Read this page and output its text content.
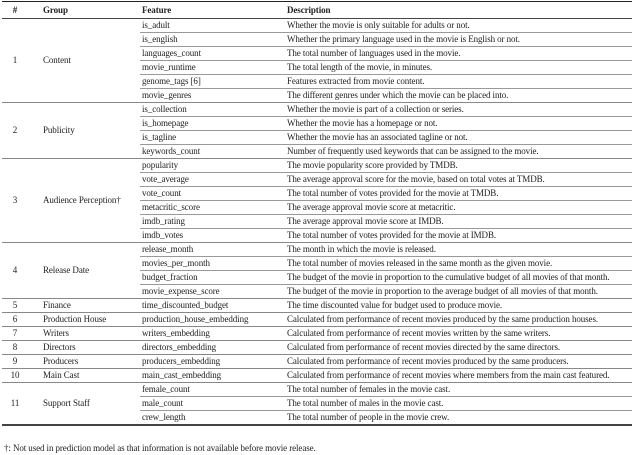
#	Group	Feature	Description
1	Content	is_adult	Whether the movie is only suitable for adults or not.
		is_english	Whether the primary language used in the movie is English or not.
		languages_count	The total number of languages used in the movie.
		movie_runtime	The total length of the movie, in minutes.
		genome_tags [6]	Features extracted from movie content.
		movie_genres	The different genres under which the movie can be placed into.
2	Publicity	is_collection	Whether the movie is part of a collection or series.
		is_homepage	Whether the movie has a homepage or not.
		is_tagline	Whether the movie has an associated tagline or not.
		keywords_count	Number of frequently used keywords that can be assigned to the movie.
3	Audience Perception†	popularity	The movie popularity score provided by TMDB.
		vote_average	The average approval score for the movie, based on total votes at TMDB.
		vote_count	The total number of votes provided for the movie at TMDB.
		metacritic_score	The average approval movie score at metacritic.
		imdb_rating	The average approval movie score at IMDB.
		imdb_votes	The total number of votes provided for the movie at IMDB.
4	Release Date	release_month	The month in which the movie is released.
		movies_per_month	The total number of movies released in the same month as the given movie.
		budget_fraction	The budget of the movie in proportion to the cumulative budget of all movies of that month.
		movie_expense_score	The budget of the movie in proportion to the average budget of all movies of that month.
5	Finance	time_discounted_budget	The time discounted value for budget used to produce movie.
6	Production House	production_house_embedding	Calculated from performance of recent movies produced by the same production houses.
7	Writers	writers_embedding	Calculated from performance of recent movies written by the same writers.
8	Directors	directors_embedding	Calculated from performance of recent movies directed by the same directors.
9	Producers	producers_embedding	Calculated from performance of recent movies produced by the same producers.
10	Main Cast	main_cast_embedding	Calculated from performance of recent movies where members from the main cast featured.
11	Support Staff	female_count	The total number of females in the movie cast.
		male_count	The total number of males in the movie cast.
		crew_length	The total number of people in the movie crew.
†: Not used in prediction model as that information is not available before movie release.
